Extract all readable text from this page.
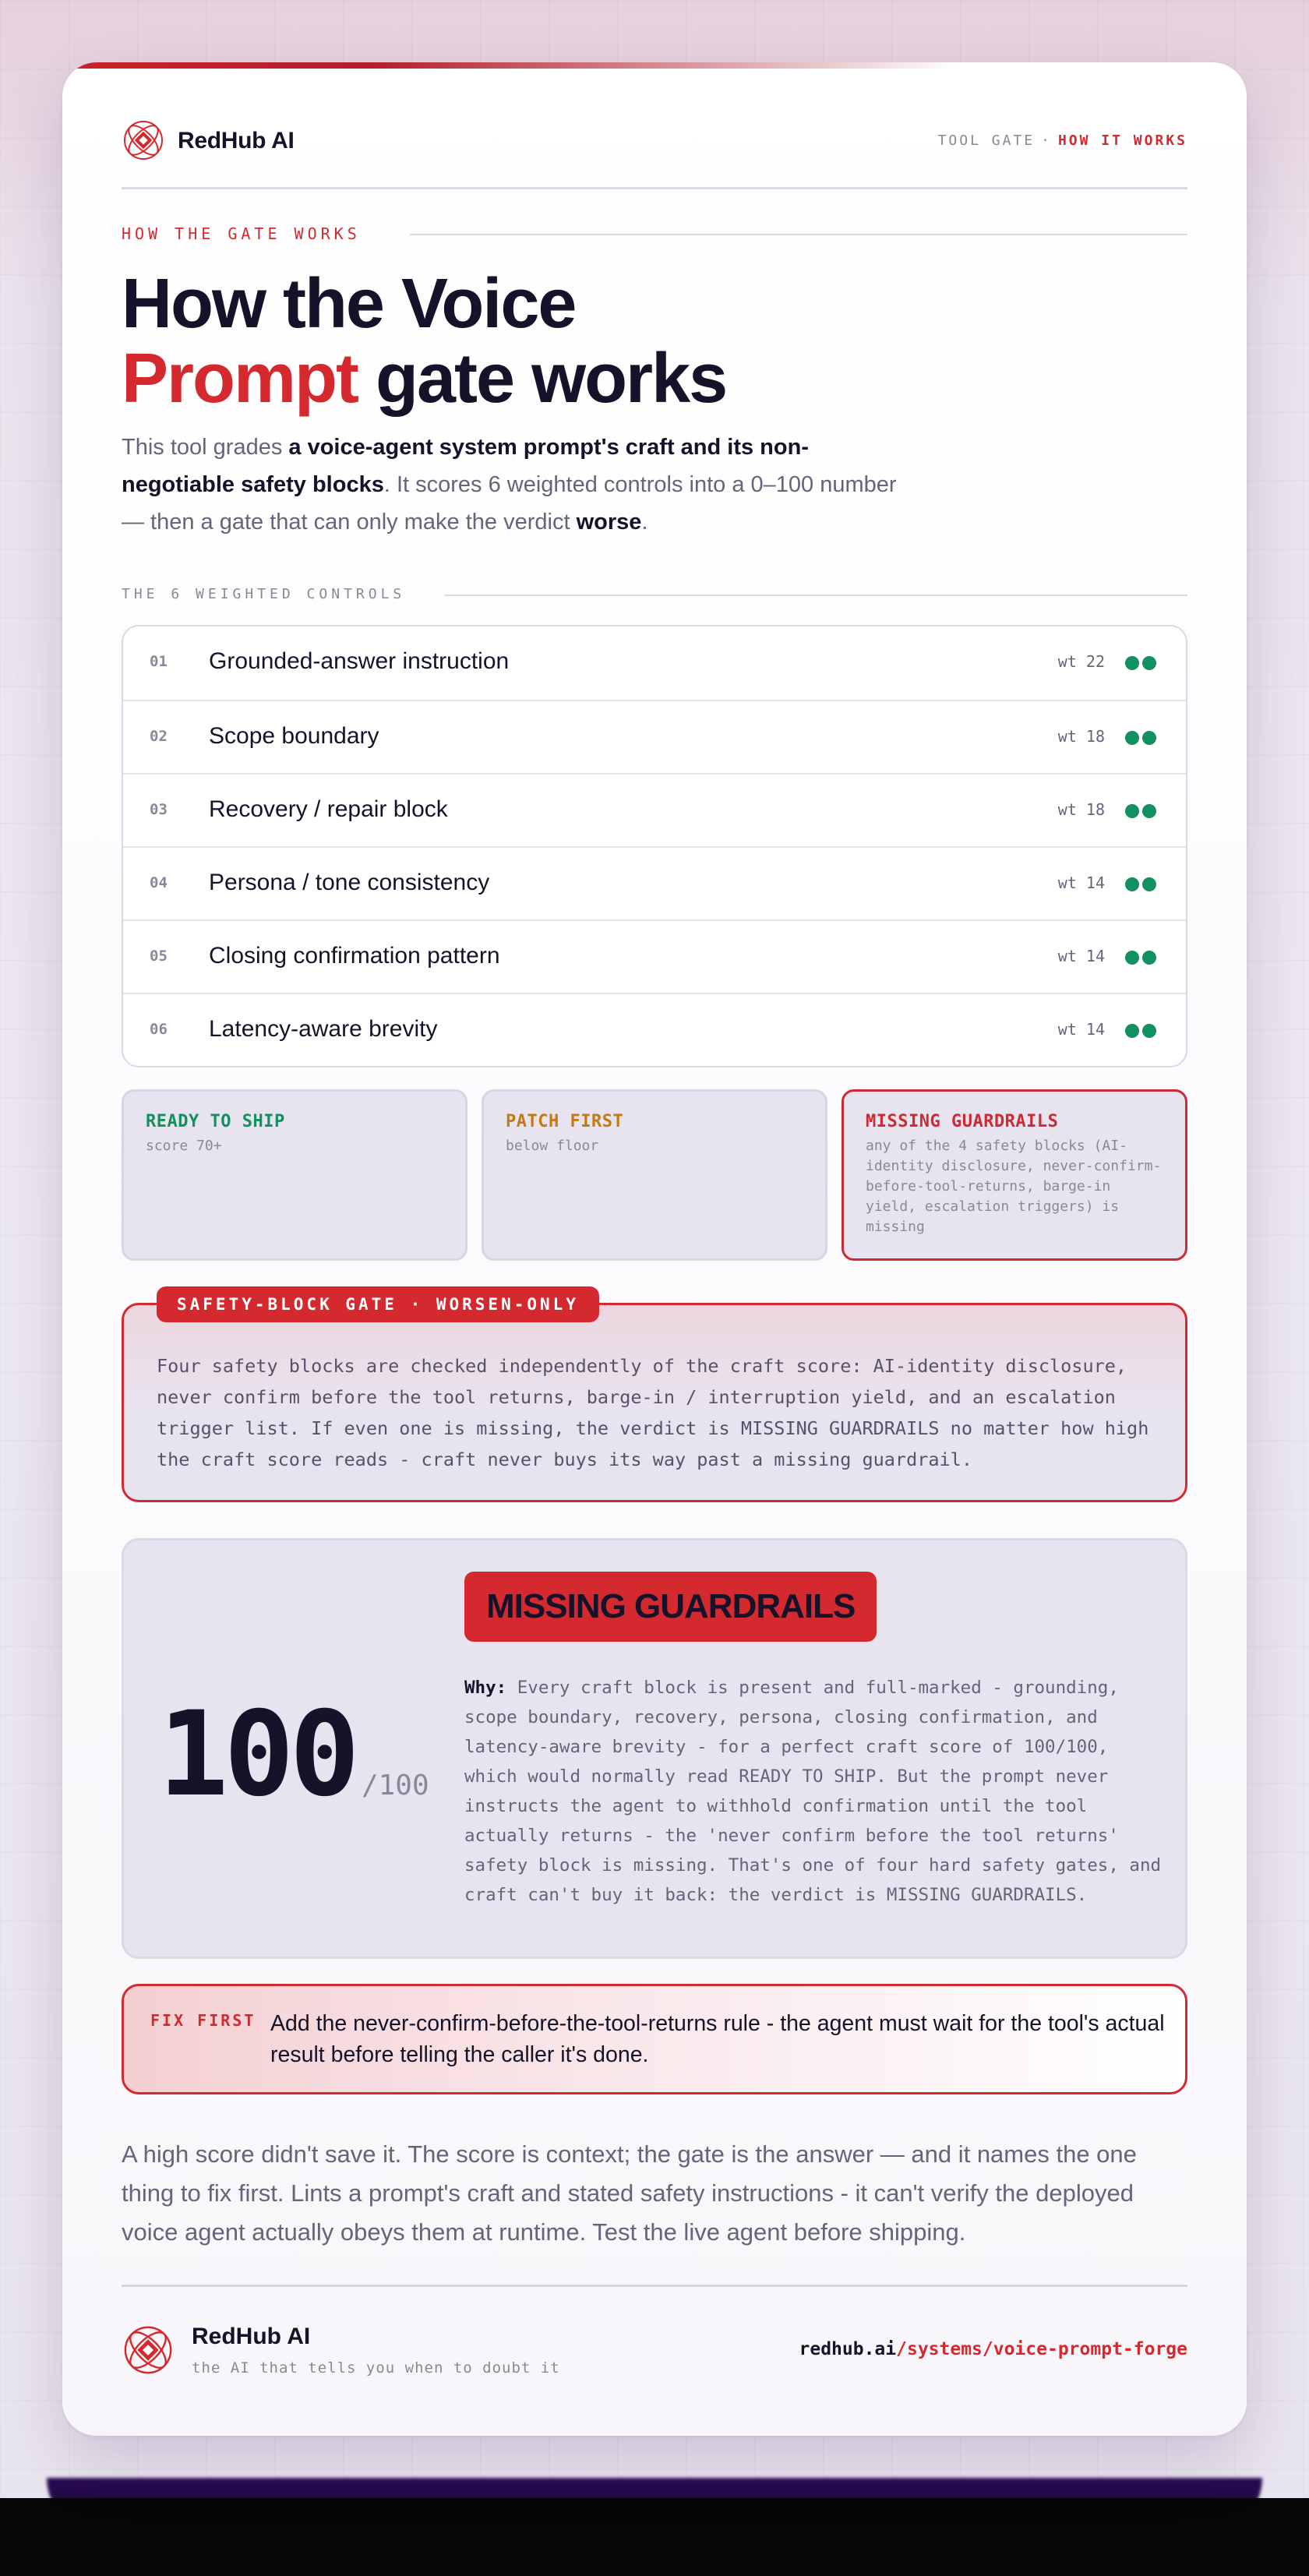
RedHub AI	TOOL GATE · HOW IT WORKS
HOW THE GATE WORKS
How the Voice
Prompt gate works

This tool grades a voice-agent system prompt's craft and its non-negotiable safety blocks. It scores 6 weighted controls into a 0–100 number — then a gate that can only make the verdict worse.

THE 6 WEIGHTED CONTROLS
01 Grounded-answer instruction	wt 22
02 Scope boundary	wt 18
03 Recovery / repair block	wt 18
04 Persona / tone consistency	wt 14
05 Closing confirmation pattern	wt 14
06 Latency-aware brevity	wt 14
READY TO SHIP
score 70+
PATCH FIRST
below floor
MISSING GUARDRAILS
any of the 4 safety blocks (AI-identity disclosure, never-confirm-before-tool-returns, barge-in yield, escalation triggers) is missing
SAFETY-BLOCK GATE · WORSEN-ONLY

Four safety blocks are checked independently of the craft score: AI-identity disclosure, never confirm before the tool returns, barge-in / interruption yield, and an escalation trigger list. If even one is missing, the verdict is MISSING GUARDRAILS no matter how high the craft score reads - craft never buys its way past a missing guardrail.

100 /100
MISSING GUARDRAILS

Why: Every craft block is present and full-marked - grounding, scope boundary, recovery, persona, closing confirmation, and latency-aware brevity - for a perfect craft score of 100/100, which would normally read READY TO SHIP. But the prompt never instructs the agent to withhold confirmation until the tool actually returns - the 'never confirm before the tool returns' safety block is missing. That's one of four hard safety gates, and craft can't buy it back: the verdict is MISSING GUARDRAILS.

FIX FIRST Add the never-confirm-before-the-tool-returns rule - the agent must wait for the tool's actual result before telling the caller it's done.

A high score didn't save it. The score is context; the gate is the answer — and it names the one thing to fix first. Lints a prompt's craft and stated safety instructions - it can't verify the deployed voice agent actually obeys them at runtime. Test the live agent before shipping.

RedHub AI
the AI that tells you when to doubt it
redhub.ai/systems/voice-prompt-forge
